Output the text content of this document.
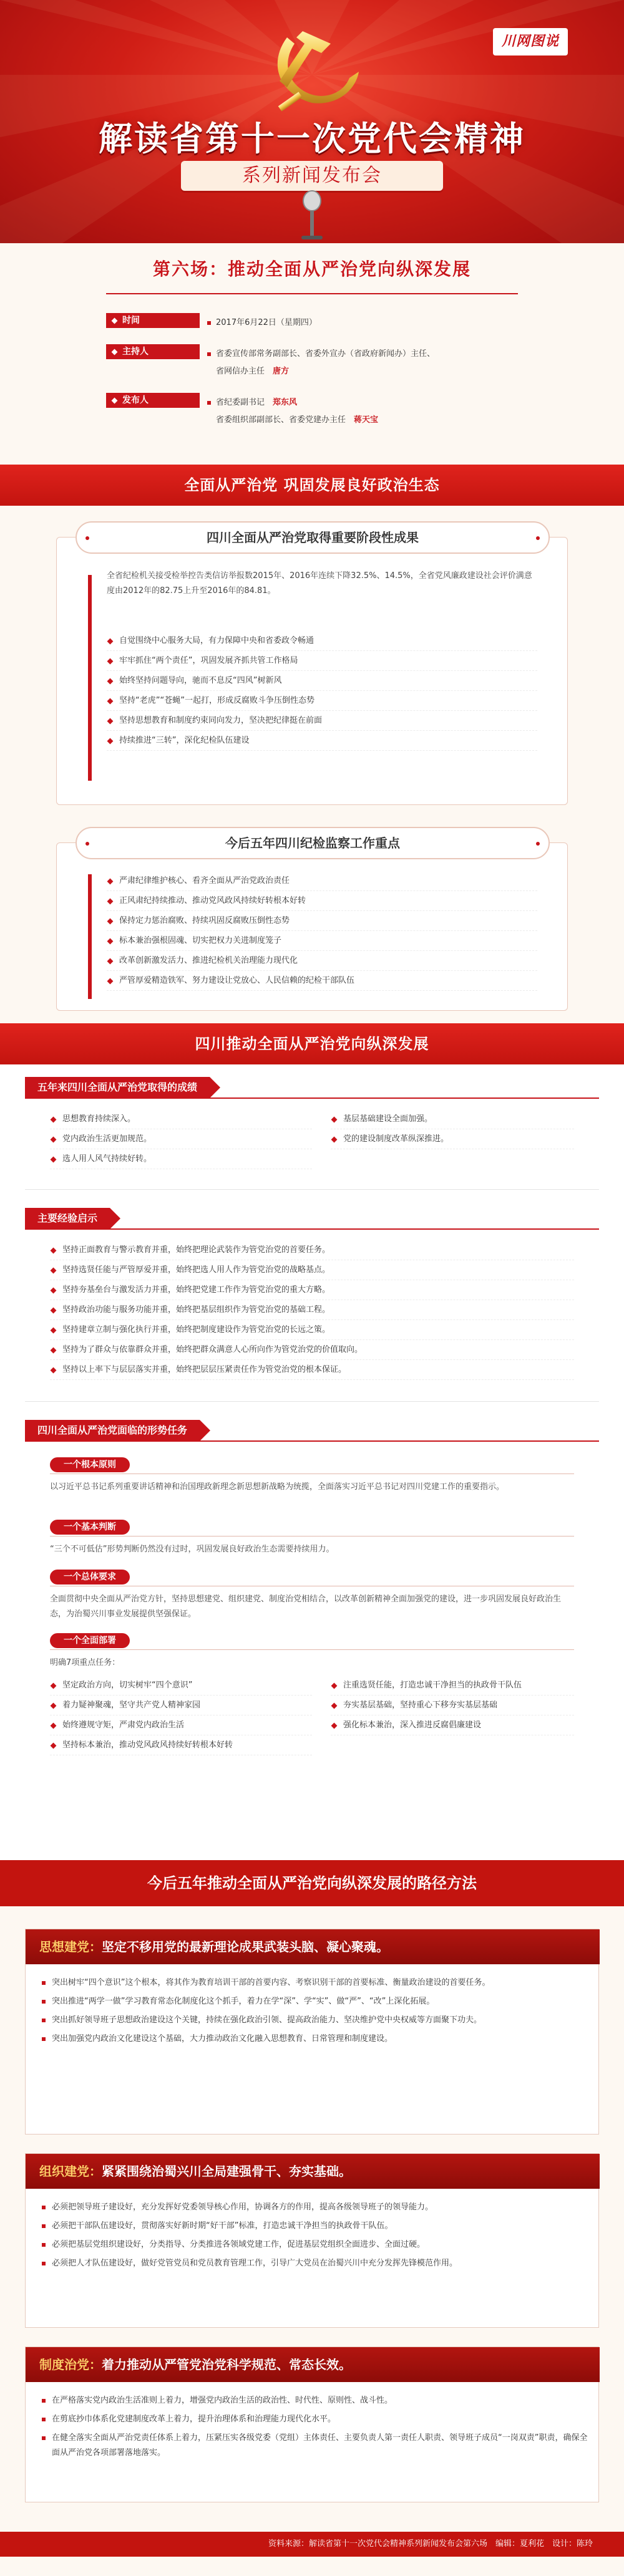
川网图说
解读省第十一次党代会精神
系列新闻发布会
第六场：推动全面从严治党向纵深发展
时间	2017年6月22日（星期四）
主持人	省委宣传部常务副部长、省委外宣办（省政府新闻办）主任、
省网信办主任　 唐方
发布人	省纪委副书记　 郑东风
省委组织部副部长、省委党建办主任　 蒋天宝
全面从严治党 巩固发展良好政治生态
四川全面从严治党取得重要阶段性成果
全省纪检机关接受检举控告类信访举报数2015年、2016年连续下降32.5%、14.5%，全省党风廉政建设社会评价满意度由2012年的82.75上升至2016年的84.81。
自觉围绕中心服务大局，有力保障中央和省委政令畅通
牢牢抓住“两个责任”，巩固发展齐抓共管工作格局
始终坚持问题导向，驰而不息反“四风”树新风
坚持“老虎”“苍蝇”一起打，形成反腐败斗争压倒性态势
坚持思想教育和制度约束同向发力，坚决把纪律挺在前面
持续推进“三转”，深化纪检队伍建设
今后五年四川纪检监察工作重点
严肃纪律维护核心、看齐全面从严治党政治责任
正风肃纪持续推动、推动党风政风持续好转根本好转
保持定力惩治腐败、持续巩固反腐败压倒性态势
标本兼治强根固魂、切实把权力关进制度笼子
改革创新激发活力、推进纪检机关治理能力现代化
严管厚爱精造铁军、努力建设让党放心、人民信赖的纪检干部队伍
四川推动全面从严治党向纵深发展
五年来四川全面从严治党取得的成绩
思想教育持续深入。
党内政治生活更加规范。
选人用人风气持续好转。
基层基础建设全面加强。
党的建设制度改革纵深推进。
主要经验启示
坚持正面教育与警示教育并重，始终把理论武装作为管党治党的首要任务。
坚持选贤任能与严管厚爱并重，始终把选人用人作为管党治党的战略基点。
坚持夯基垒台与激发活力并重，始终把党建工作作为管党治党的重大方略。
坚持政治功能与服务功能并重，始终把基层组织作为管党治党的基础工程。
坚持建章立制与强化执行并重，始终把制度建设作为管党治党的长远之策。
坚持为了群众与依靠群众并重，始终把群众满意人心所向作为管党治党的价值取向。
坚持以上率下与层层落实并重，始终把层层压紧责任作为管党治党的根本保证。
四川全面从严治党面临的形势任务
一个根本原则
以习近平总书记系列重要讲话精神和治国理政新理念新思想新战略为统揽，全面落实习近平总书记对四川党建工作的重要指示。
一个基本判断
“三个不可低估”形势判断仍然没有过时，巩固发展良好政治生态需要持续用力。
一个总体要求
全面贯彻中央全面从严治党方针，坚持思想建党、组织建党、制度治党相结合，以改革创新精神全面加强党的建设，进一步巩固发展良好政治生态，为治蜀兴川事业发展提供坚强保证。
一个全面部署
明确7项重点任务：
坚定政治方向，切实树牢“四个意识”
着力疑神聚魂，坚守共产党人精神家园
始终遵规守矩，严肃党内政治生活
坚持标本兼治，推动党风政风持续好转根本好转
注重选贤任能，打造忠诚干净担当的执政骨干队伍
夯实基层基础，坚持重心下移夯实基层基础
强化标本兼治，深入推进反腐倡廉建设
今后五年推动全面从严治党向纵深发展的路径方法
思想建党：坚定不移用党的最新理论成果武装头脑、凝心聚魂。
突出树牢“四个意识”这个根本，将其作为教育培训干部的首要内容、考察识别干部的首要标准、衡量政治建设的首要任务。
突出推进“两学一做”学习教育常态化制度化这个抓手，着力在学“深”、学“实”、做“严”、“改”上深化拓展。
突出抓好领导班子思想政治建设这个关键，持续在强化政治引领、提高政治能力、坚决维护党中央权威等方面聚下功夫。
突出加强党内政治文化建设这个基础，大力推动政治文化融入思想教育、日常管理和制度建设。
组织建党：紧紧围绕治蜀兴川全局建强骨干、夯实基础。
必须把领导班子建设好，充分发挥好党委领导核心作用，协调各方的作用，提高各级领导班子的领导能力。
必须把干部队伍建设好，贯彻落实好新时期“好干部”标准，打造忠诚干净担当的执政骨干队伍。
必须把基层党组织建设好，分类指导、分类推进各领域党建工作，促进基层党组织全面进步、全面过硬。
必须把人才队伍建设好，做好党管党员和党员教育管理工作，引导广大党员在治蜀兴川中充分发挥先锋模范作用。
制度治党：着力推动从严管党治党科学规范、常态长效。
在严格落实党内政治生活准则上着力，增强党内政治生活的政治性、时代性、原则性、战斗性。
在剪底抄巾体系化党建制度改革上着力，提升治理体系和治理能力现代化水平。
在健全落实全面从严治党责任体系上着力，压紧压实各级党委（党组）主体责任、主要负责人第一责任人职责、领导班子成员“一岗双责”职责，确保全面从严治党各项部署落地落实。
资料来源：解读省第十一次党代会精神系列新闻发布会第六场　编辑：夏利花　设计：陈玲
